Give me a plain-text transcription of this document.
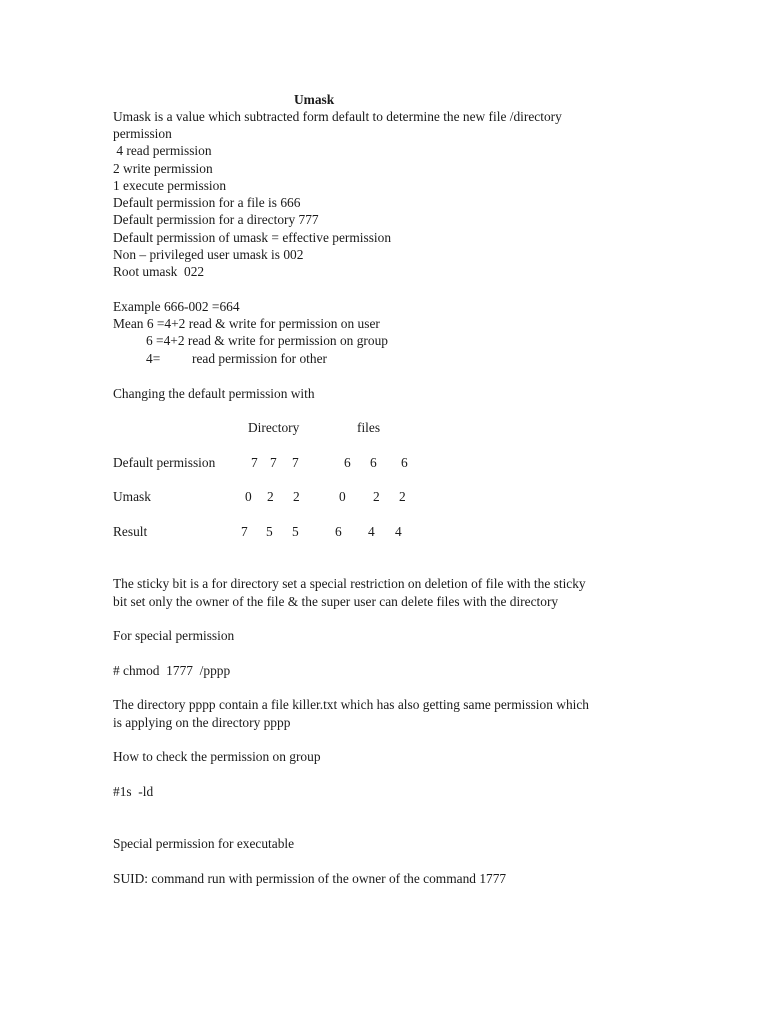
Umask
Umask is a value which subtracted form default to determine the new file /directory
permission
4 read permission
2 write permission
1 execute permission
Default permission for a file is 666
Default permission for a directory 777
Default permission of umask = effective permission
Non – privileged user umask is 002
Root umask  022
Example 666-002 =664
Mean 6 =4+2 read & write for permission on user
6 =4+2 read & write for permission on group
4= read permission for other
Changing the default permission with
Directory	files
Default permission	7 7 7	6 6 6
Umask	0 2 2	0 2 2
Result	7 5 5	6 4 4
The sticky bit is a for directory set a special restriction on deletion of file with the sticky
bit set only the owner of the file & the super user can delete files with the directory
For special permission
# chmod  1777  /pppp
The directory pppp contain a file killer.txt which has also getting same permission which
is applying on the directory pppp
How to check the permission on group
#1s  -ld
Special permission for executable
SUID: command run with permission of the owner of the command 1777
